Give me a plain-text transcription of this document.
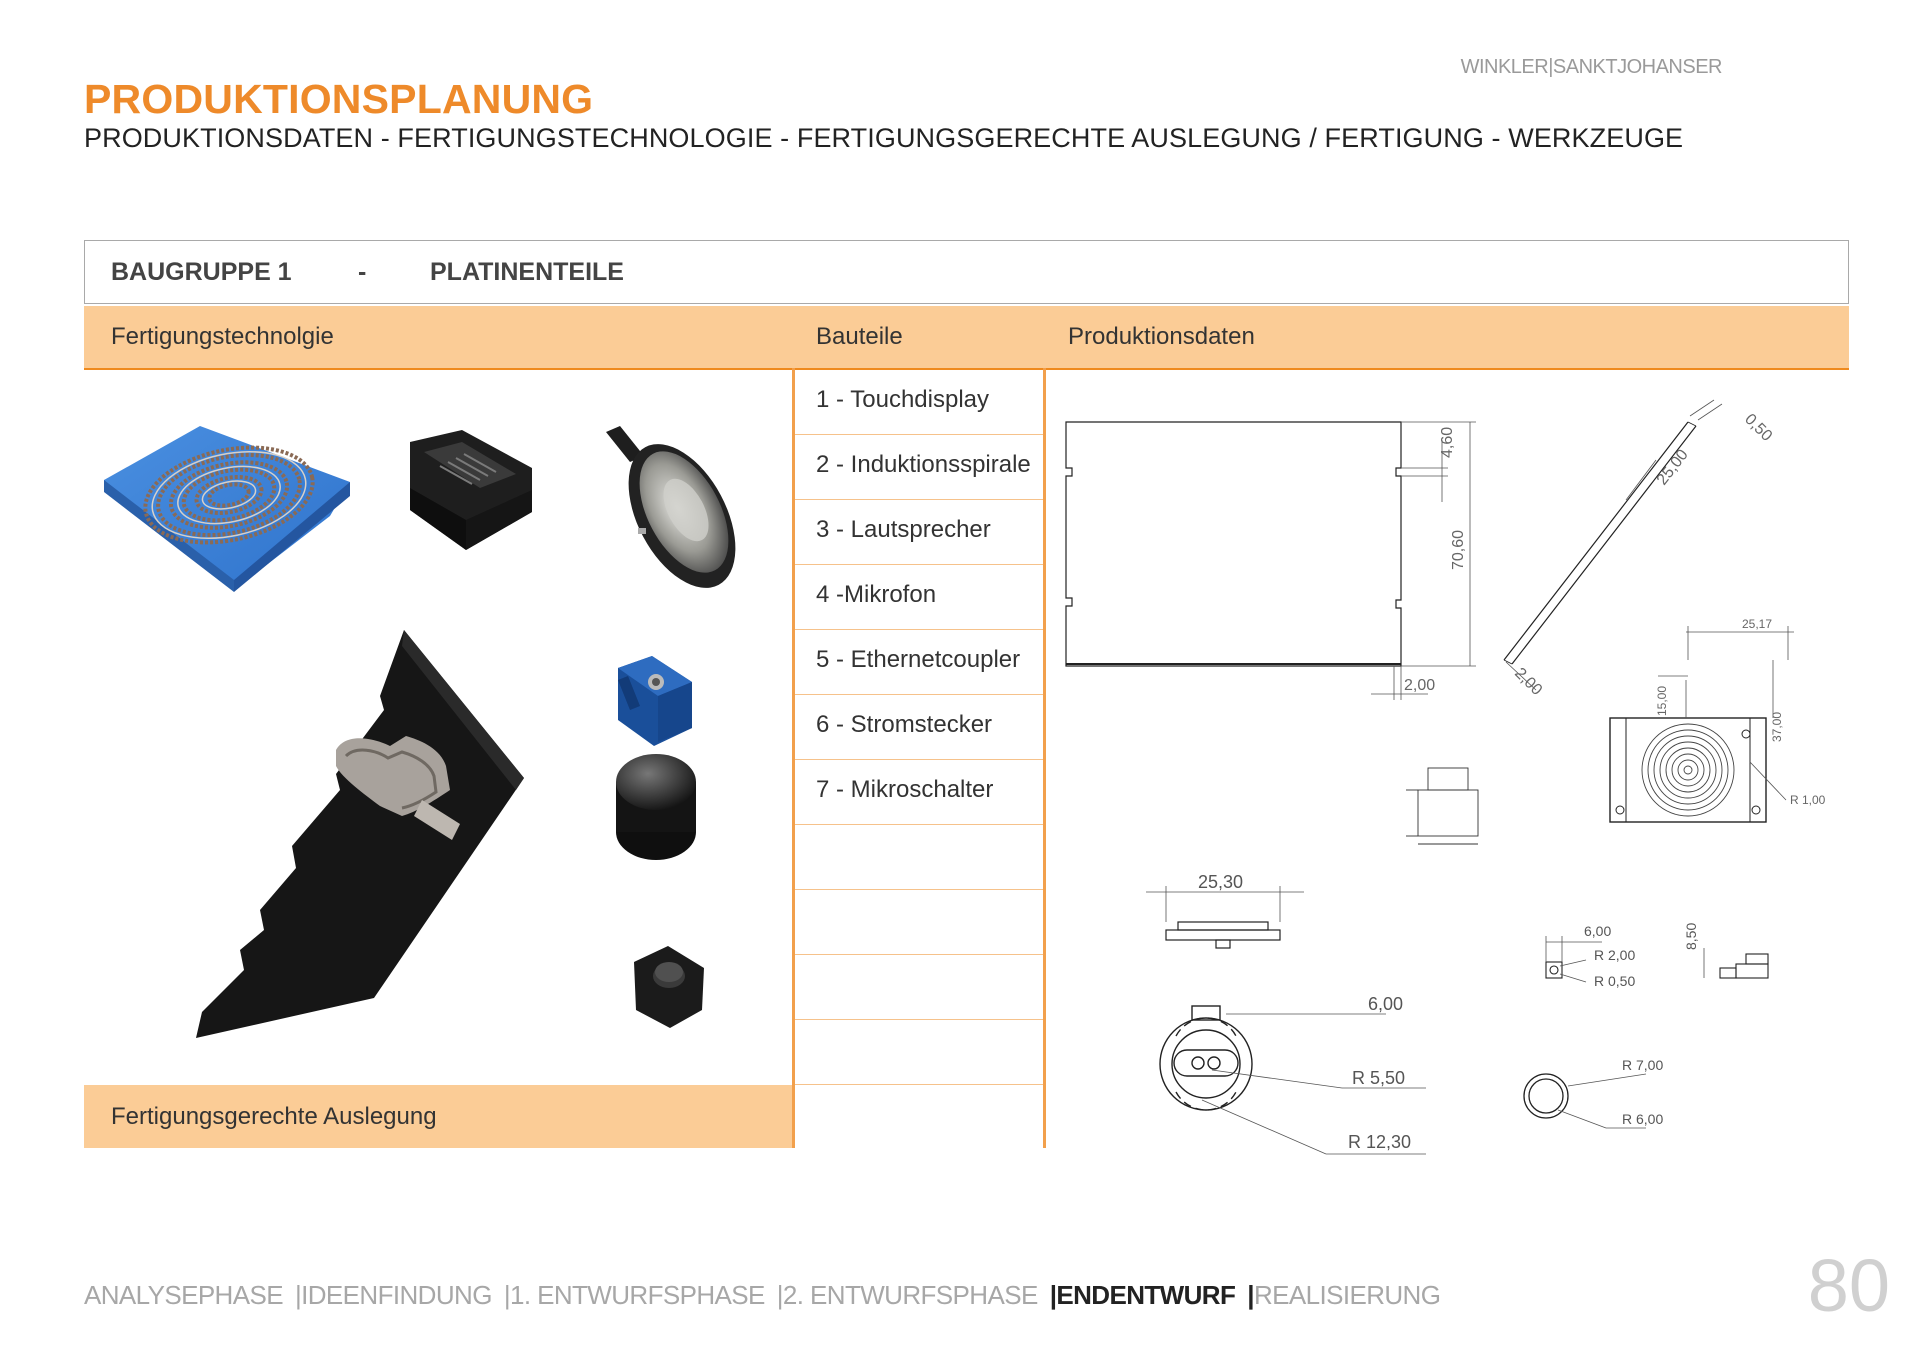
WINKLER|SANKTJOHANSER
PRODUKTIONSPLANUNG
PRODUKTIONSDATEN - FERTIGUNGSTECHNOLOGIE - FERTIGUNGSGERECHTE AUSLEGUNG / FERTIGUNG - WERKZEUGE
BAUGRUPPE 1	-	PLATINENTEILE
Fertigungstechnolgie	Bauteile	Produktionsdaten
1 - Touchdisplay
2 - Induktionsspirale
3 - Lautsprecher
4 -Mikrofon
5 - Ethernetcoupler
6 - Stromstecker
7 - Mikroschalter
Fertigungsgerechte Auslegung
4,60
70,60
2,00	2,00
0,50
25,00
25,17
37,00
15,00
R 1,00
25,30
6,00
R 5,50
R 12,30
6,00
R 2,00
R 0,50
8,50
R 7,00
R 6,00
ANALYSEPHASE |IDEENFINDUNG |1. ENTWURFSPHASE |2. ENTWURFSPHASE |ENDENTWURF |REALISIERUNG	80
